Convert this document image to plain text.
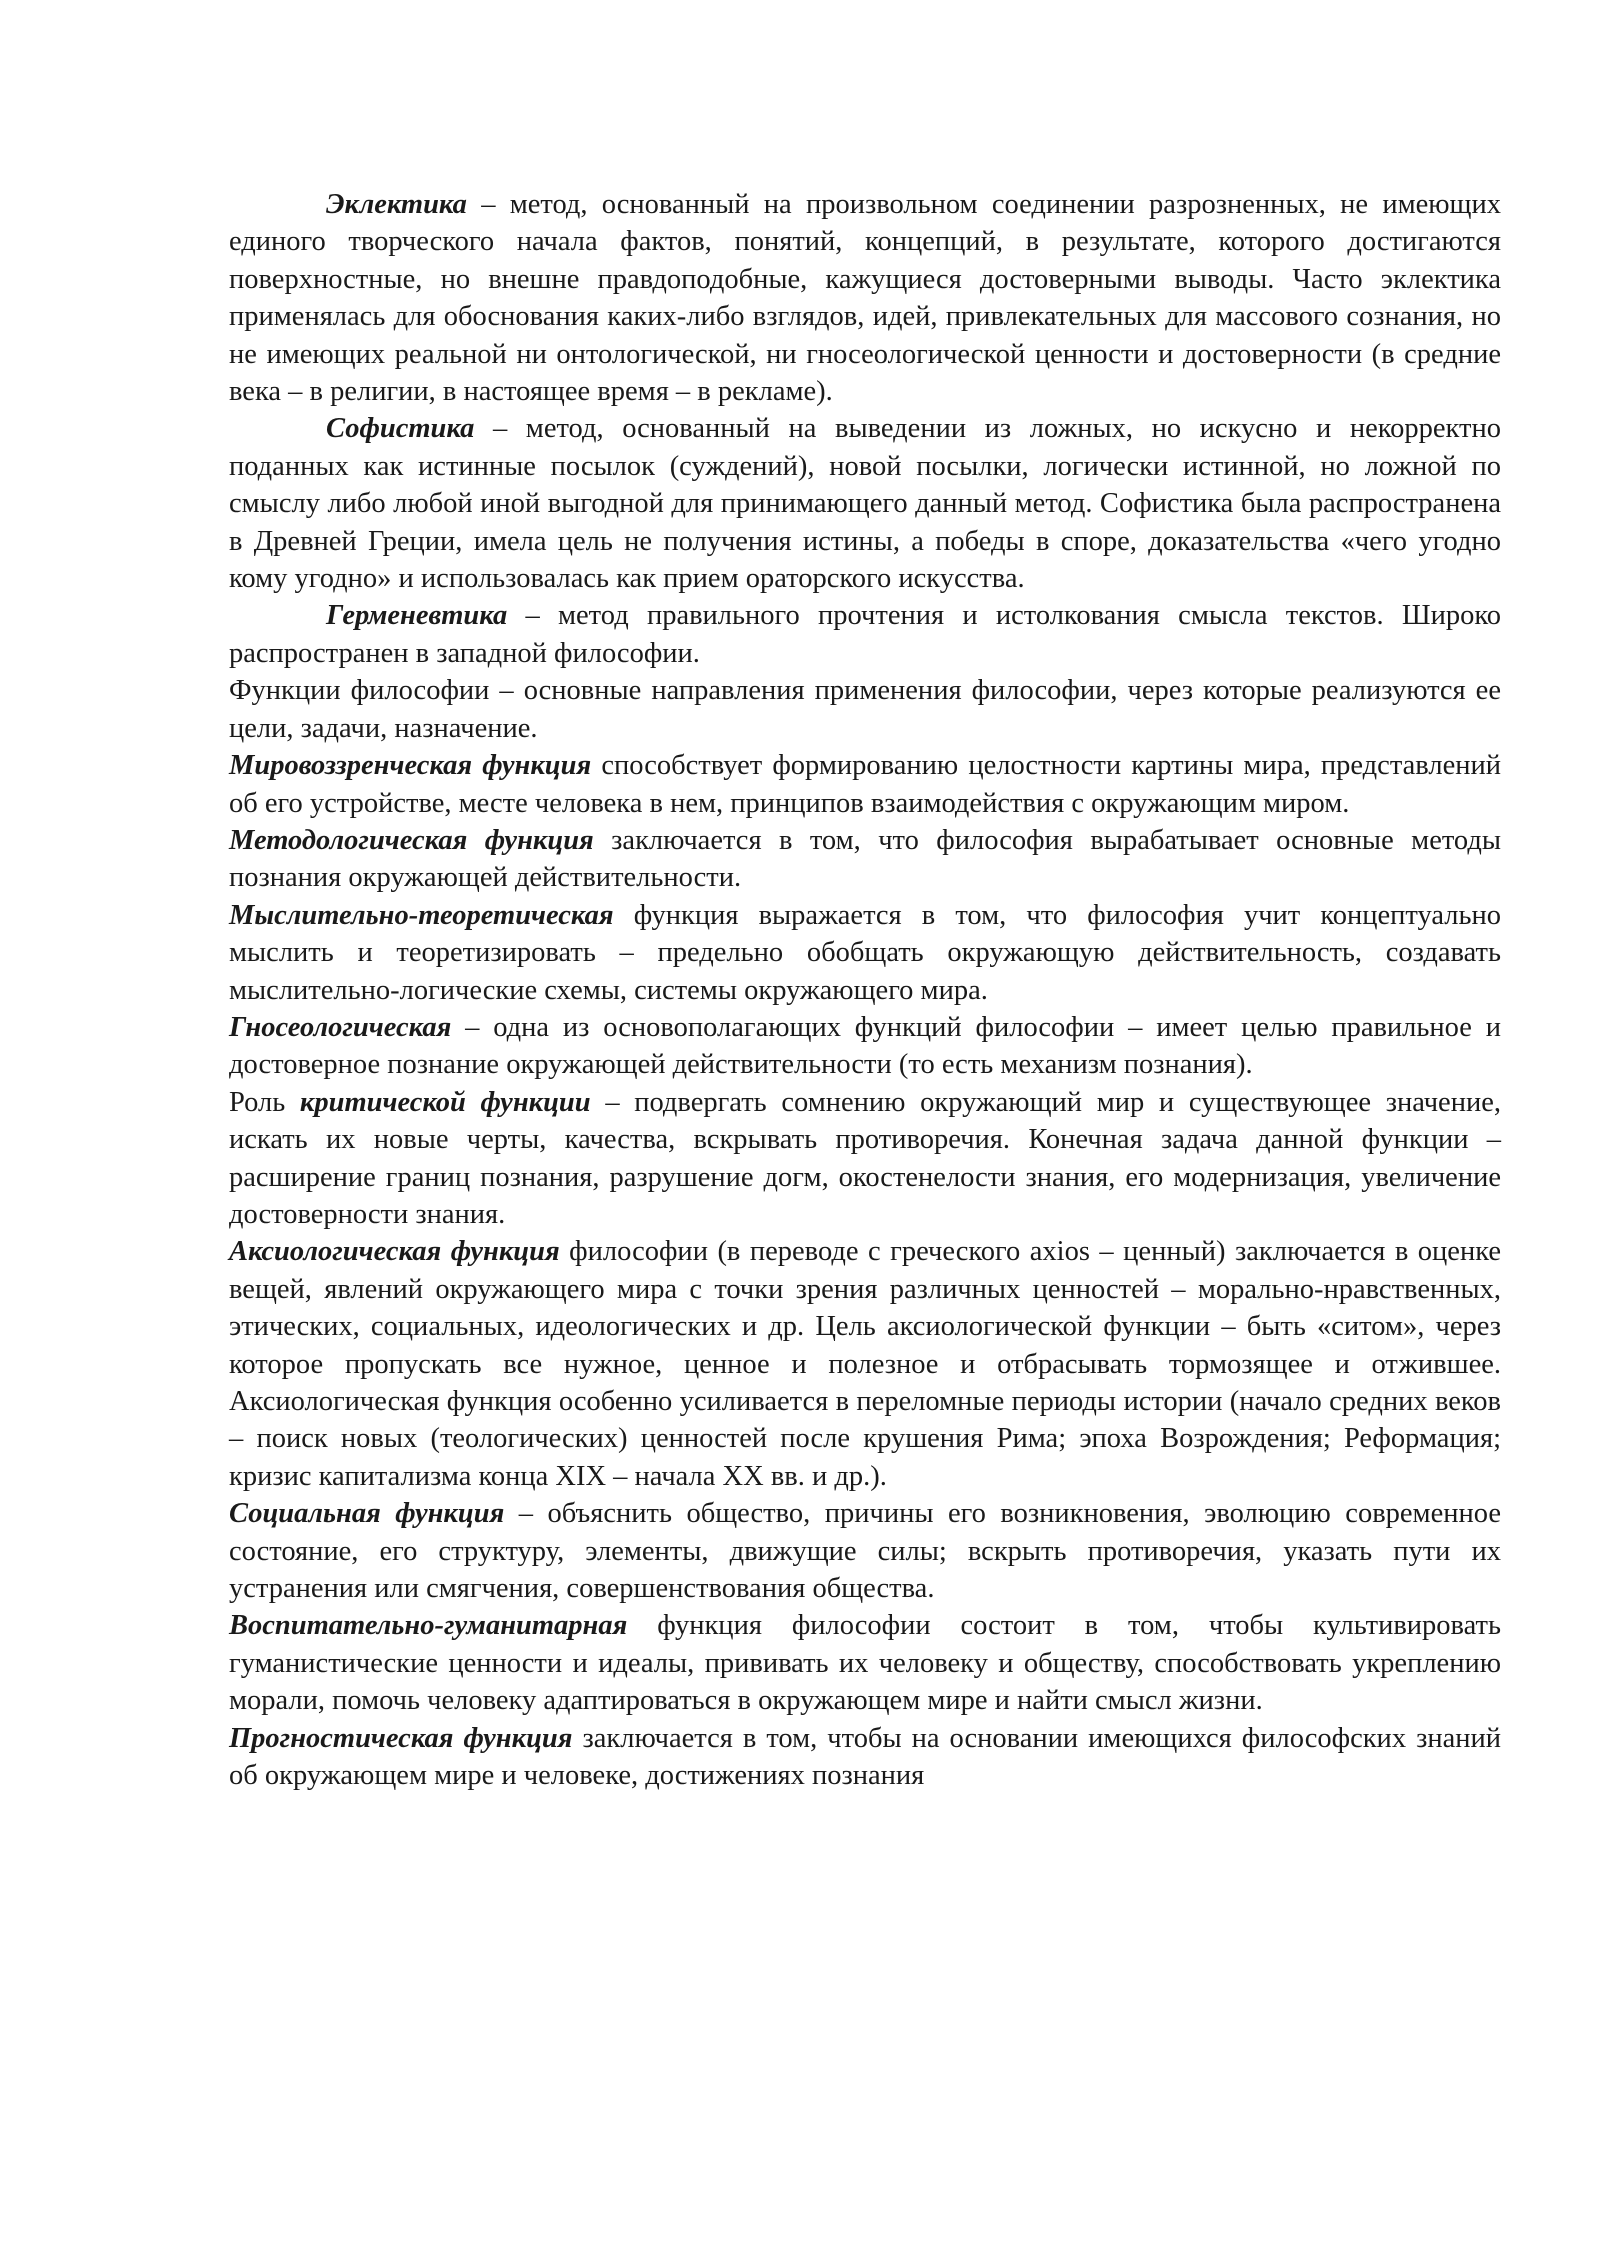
Эклектика – метод, основанный на произвольном соединении разрозненных, не имеющих единого творческого начала фактов, понятий, концепций, в результате, которого достигаются поверхностные, но внешне правдоподобные, кажущиеся достоверными выводы. Часто эклектика применялась для обоснования каких-либо взглядов, идей, привлекательных для массового сознания, но не имеющих реальной ни онтологической, ни гносеологической ценности и достоверности (в средние века – в религии, в настоящее время – в рекламе).

Софистика – метод, основанный на выведении из ложных, но искусно и некорректно поданных как истинные посылок (суждений), новой посылки, логически истинной, но ложной по смыслу либо любой иной выгодной для принимающего данный метод. Софистика была распространена в Древней Греции, имела цель не получения истины, а победы в споре, доказательства «чего угодно кому угодно» и использовалась как прием ораторского искусства.

Герменевтика – метод правильного прочтения и истолкования смысла текстов. Широко распространен в западной философии.

Функции философии – основные направления применения философии, через которые реализуются ее цели, задачи, назначение.

Мировоззренческая функция способствует формированию целостности картины мира, представлений об его устройстве, месте человека в нем, принципов взаимодействия с окружающим миром.

Методологическая функция заключается в том, что философия вырабатывает основные методы познания окружающей действительности.

Мыслительно-теоретическая функция выражается в том, что философия учит концептуально мыслить и теоретизировать – предельно обобщать окружающую действительность, создавать мыслительно-логические схемы, системы окружающего мира.

Гносеологическая – одна из основополагающих функций философии – имеет целью правильное и достоверное познание окружающей действительности (то есть механизм познания).

Роль критической функции – подвергать сомнению окружающий мир и существующее значение, искать их новые черты, качества, вскрывать противоречия. Конечная задача данной функции – расширение границ познания, разрушение догм, окостенелости знания, его модернизация, увеличение достоверности знания.

Аксиологическая функция философии (в переводе с греческого axios – ценный) заключается в оценке вещей, явлений окружающего мира с точки зрения различных ценностей – морально-нравственных, этических, социальных, идеологических и др. Цель аксиологической функции – быть «ситом», через которое пропускать все нужное, ценное и полезное и отбрасывать тормозящее и отжившее. Аксиологическая функция особенно усиливается в переломные периоды истории (начало средних веков – поиск новых (теологических) ценностей после крушения Рима; эпоха Возрождения; Реформация; кризис капитализма конца XIX – начала XX вв. и др.).

Социальная функция – объяснить общество, причины его возникновения, эволюцию современное состояние, его структуру, элементы, движущие силы; вскрыть противоречия, указать пути их устранения или смягчения, совершенствования общества.

Воспитательно-гуманитарная функция философии состоит в том, чтобы культивировать гуманистические ценности и идеалы, прививать их человеку и обществу, способствовать укреплению морали, помочь человеку адаптироваться в окружающем мире и найти смысл жизни.

Прогностическая функция заключается в том, чтобы на основании имеющихся философских знаний об окружающем мире и человеке, достижениях познания
